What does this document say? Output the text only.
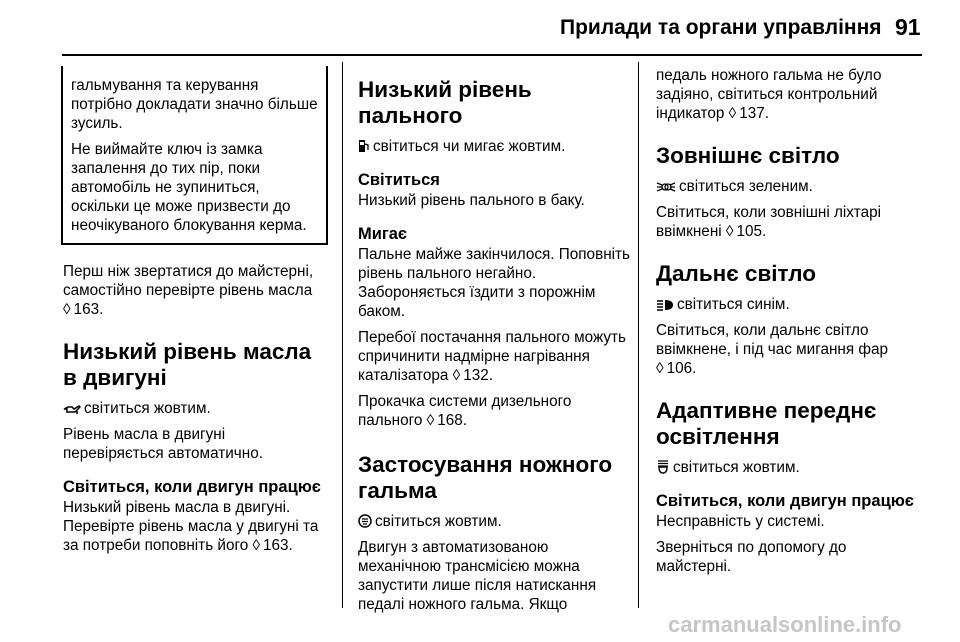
Прилади та органи управління 91

гальмування та керування потрібно докладати значно більше зусиль.

Не виймайте ключ із замка запалення до тих пір, поки автомобіль не зупиниться, оскільки це може призвести до неочікуваного блокування керма.

Перш ніж звертатися до майстерні, самостійно перевірте рівень масла
◊ 163.

Низький рівень масла в двигуні

світиться жовтим.

Рівень масла в двигуні перевіряється автоматично.

Світиться, коли двигун працює

Низький рівень масла в двигуні. Перевірте рівень масла у двигуні та за потреби поповніть його ◊ 163.

Низький рівень пального

світиться чи мигає жовтим.

Світиться

Низький рівень пального в баку.

Мигає

Пальне майже закінчилося. Поповніть рівень пального негайно. Забороняється їздити з порожнім баком.

Перебої постачання пального можуть спричинити надмірне нагрівання каталізатора ◊ 132.

Прокачка системи дизельного пального ◊ 168.

Застосування ножного гальма

світиться жовтим.

Двигун з автоматизованою механічною трансмісією можна запустити лише після натискання педалі ножного гальма. Якщо

педаль ножного гальма не було задіяно, світиться контрольний індикатор ◊ 137.

Зовнішнє світло

світиться зеленим.

Світиться, коли зовнішні ліхтарі ввімкнені ◊ 105.

Дальнє світло

світиться синім.

Світиться, коли дальнє світло ввімкнене, і під час мигання фар
◊ 106.

Адаптивне переднє освітлення

світиться жовтим.

Світиться, коли двигун працює

Несправність у системі.

Зверніться по допомогу до майстерні.

carmanualsonline.info
